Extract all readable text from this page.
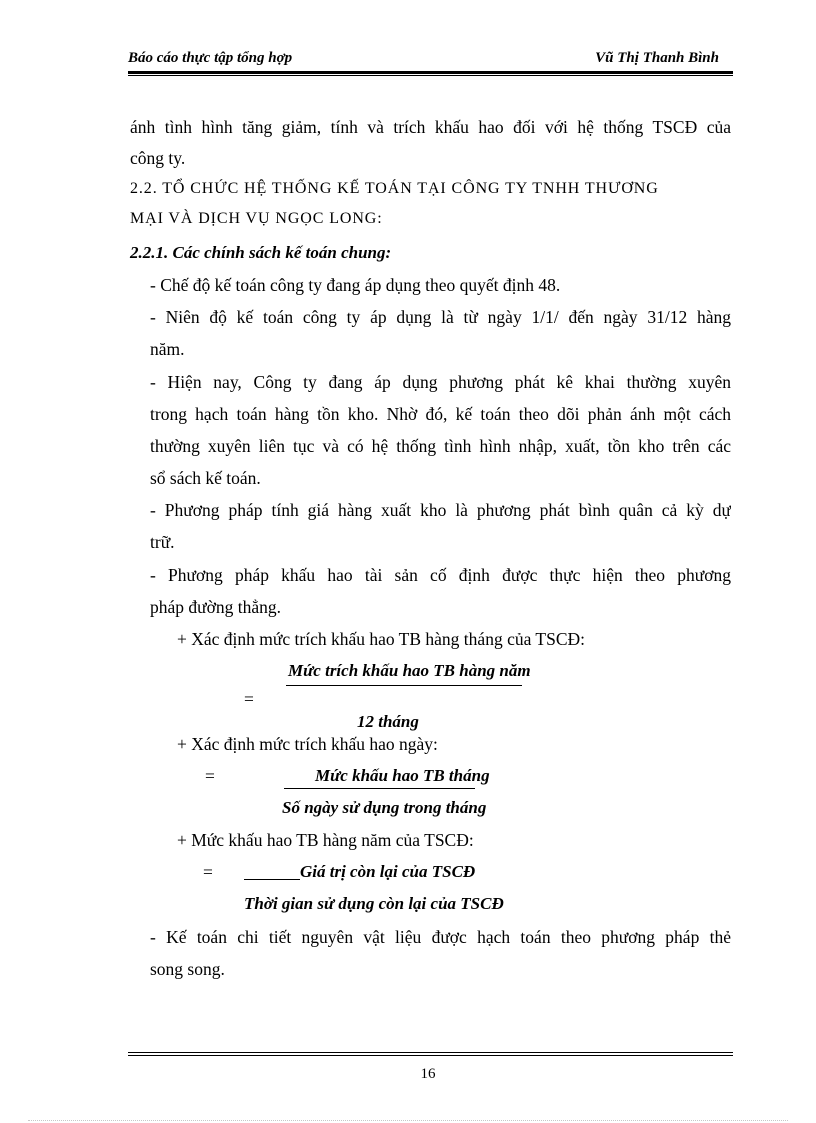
Báo cáo thực tập tổng hợp	Vũ Thị Thanh Bình
ánh tình hình tăng giảm, tính và trích khấu hao đối với hệ thống TSCĐ của
công ty.
2.2. TỔ CHỨC HỆ THỐNG KẾ TOÁN TẠI CÔNG TY TNHH THƯƠNG
MẠI VÀ DỊCH VỤ NGỌC LONG:
2.2.1. Các chính sách kế toán chung:
- Chế độ kế toán công ty đang áp dụng theo quyết định 48.
- Niên độ kế toán công ty áp dụng là từ ngày 1/1/ đến ngày 31/12 hàng
năm.
- Hiện nay, Công ty đang áp dụng phương phát kê khai thường xuyên
trong hạch toán hàng tồn kho. Nhờ đó, kế toán theo dõi phản ánh một cách
thường xuyên liên tục và có hệ thống tình hình nhập, xuất, tồn kho trên các
sổ sách kế toán.
- Phương pháp tính giá hàng xuất kho là phương phát bình quân cả kỳ dự
trữ.
- Phương pháp khấu hao tài sản cố định được thực hiện theo phương
pháp đường thẳng.
+ Xác định mức trích khấu hao TB hàng tháng của TSCĐ:
Mức trích khấu hao TB hàng năm
=
12 tháng
+ Xác định mức trích khấu hao ngày:
=	Mức khấu hao TB tháng
Số ngày sử dụng trong tháng
+ Mức khấu hao TB hàng năm của TSCĐ:
=	Giá trị còn lại của TSCĐ
Thời gian sử dụng còn lại của TSCĐ
- Kế toán chi tiết nguyên vật liệu được hạch toán theo phương pháp thẻ
song song.
16
